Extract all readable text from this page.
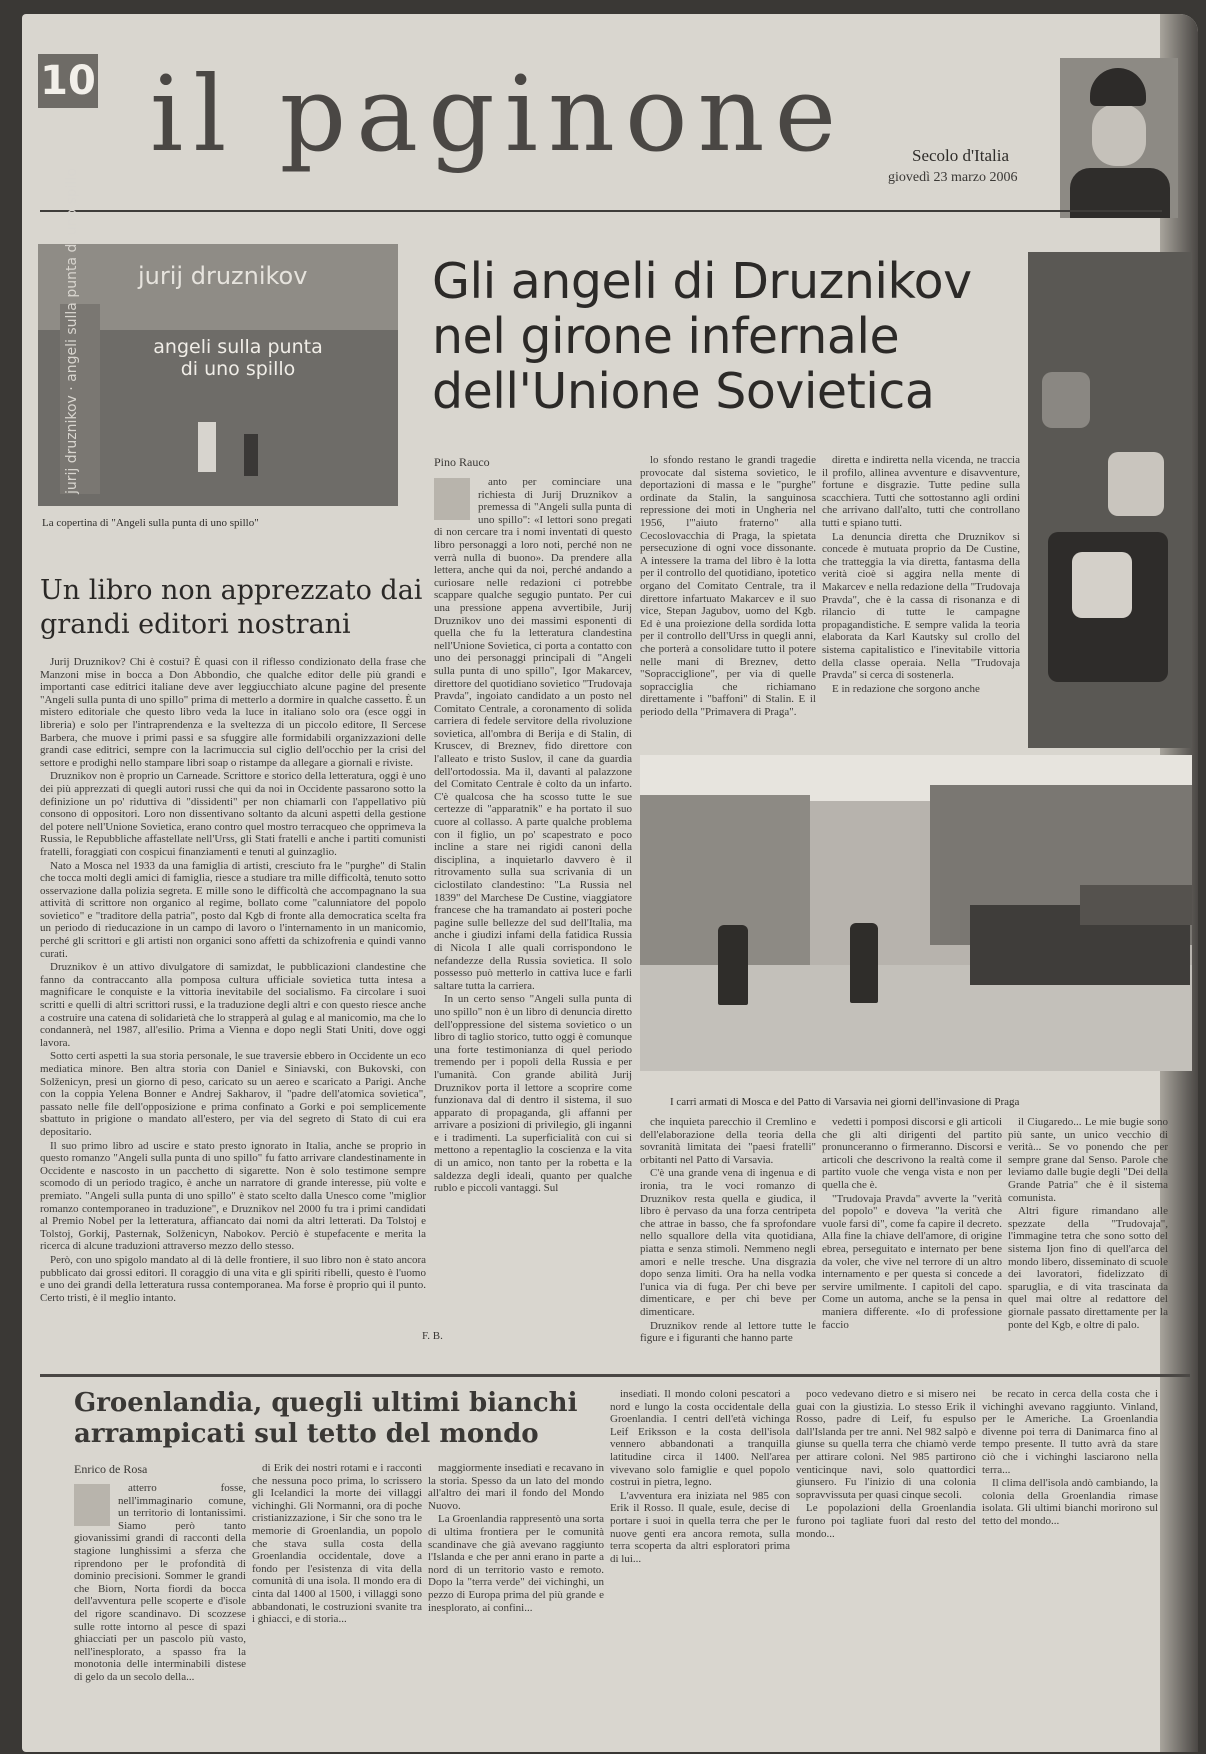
10 il paginone	Secolo d'Italia
giovedì 23 marzo 2006
jurij druznikov
jurij druznikov · angeli sulla punta di uno spillo	angeli sulla punta di uno spillo
La copertina di "Angeli sulla punta di uno spillo"
Un libro non apprezzato dai grandi editori nostrani

Jurij Druznikov? Chi è costui? È quasi con il riflesso condizionato della frase che Manzoni mise in bocca a Don Abbondio, che qualche editor delle più grandi e importanti case editrici italiane deve aver leggiucchiato alcune pagine del presente "Angeli sulla punta di uno spillo" prima di metterlo a dormire in qualche cassetto. È un mistero editoriale che questo libro veda la luce in italiano solo ora (esce oggi in libreria) e solo per l'intraprendenza e la sveltezza di un piccolo editore, Il Sercese Barbera, che muove i primi passi e sa sfuggire alle formidabili organizzazioni delle grandi case editrici, sempre con la lacrimuccia sul ciglio dell'occhio per la crisi del settore e prodighi nello stampare libri soap o ristampe da allegare a giornali e riviste.

Druznikov non è proprio un Carneade. Scrittore e storico della letteratura, oggi è uno dei più apprezzati di quegli autori russi che qui da noi in Occidente passarono sotto la definizione un po' riduttiva di "dissidenti" per non chiamarli con l'appellativo più consono di oppositori. Loro non dissentivano soltanto da alcuni aspetti della gestione del potere nell'Unione Sovietica, erano contro quel mostro terracqueo che opprimeva la Russia, le Repubbliche affastellate nell'Urss, gli Stati fratelli e anche i partiti comunisti fratelli, foraggiati con cospicui finanziamenti e tenuti al guinzaglio.

Nato a Mosca nel 1933 da una famiglia di artisti, cresciuto fra le "purghe" di Stalin che tocca molti degli amici di famiglia, riesce a studiare tra mille difficoltà, tenuto sotto osservazione dalla polizia segreta. E mille sono le difficoltà che accompagnano la sua attività di scrittore non organico al regime, bollato come "calunniatore del popolo sovietico" e "traditore della patria", posto dal Kgb di fronte alla democratica scelta fra un periodo di rieducazione in un campo di lavoro o l'internamento in un manicomio, perché gli scrittori e gli artisti non organici sono affetti da schizofrenia e quindi vanno curati.

Druznikov è un attivo divulgatore di samizdat, le pubblicazioni clandestine che fanno da contraccanto alla pomposa cultura ufficiale sovietica tutta intesa a magnificare le conquiste e la vittoria inevitabile del socialismo. Fa circolare i suoi scritti e quelli di altri scrittori russi, e la traduzione degli altri e con questo riesce anche a costruire una catena di solidarietà che lo strapperà al gulag e al manicomio, ma che lo condannerà, nel 1987, all'esilio. Prima a Vienna e dopo negli Stati Uniti, dove oggi lavora.

Sotto certi aspetti la sua storia personale, le sue traversie ebbero in Occidente un eco mediatica minore. Ben altra storia con Daniel e Siniavski, con Bukovski, con Solženicyn, presi un giorno di peso, caricato su un aereo e scaricato a Parigi. Anche con la coppia Yelena Bonner e Andrej Sakharov, il "padre dell'atomica sovietica", passato nelle file dell'opposizione e prima confinato a Gorki e poi semplicemente sbattuto in prigione o mandato all'estero, per via del segreto di Stato di cui era depositario.

Il suo primo libro ad uscire e stato presto ignorato in Italia, anche se proprio in questo romanzo "Angeli sulla punta di uno spillo" fu fatto arrivare clandestinamente in Occidente e nascosto in un pacchetto di sigarette. Non è solo testimone sempre scomodo di un periodo tragico, è anche un narratore di grande interesse, più volte e premiato. "Angeli sulla punta di uno spillo" è stato scelto dalla Unesco come "miglior romanzo contemporaneo in traduzione", e Druznikov nel 2000 fu tra i primi candidati al Premio Nobel per la letteratura, affiancato dai nomi da altri letterati. Da Tolstoj e Tolstoj, Gorkij, Pasternak, Solženicyn, Nabokov. Perciò è stupefacente e merita la ricerca di alcune traduzioni attraverso mezzo dello stesso.

Però, con uno spigolo mandato al di là delle frontiere, il suo libro non è stato ancora pubblicato dai grossi editori. Il coraggio di una vita e gli spiriti ribelli, questo è l'uomo e uno dei grandi della letteratura russa contemporanea. Ma forse è proprio qui il punto. Certo tristi, è il meglio intanto.

F. B.
Gli angeli di Druznikov nel girone infernale dell'Unione Sovietica
Pino Rauco

anto per cominciare una richiesta di Jurij Druznikov a premessa di "Angeli sulla punta di uno spillo": «I lettori sono pregati di non cercare tra i nomi inventati di questo libro personaggi a loro noti, perché non ne verrà nulla di buono». Da prendere alla lettera, anche qui da noi, perché andando a curiosare nelle redazioni ci potrebbe scappare qualche segugio puntato. Per cui una pressione appena avvertibile, Jurij Druznikov uno dei massimi esponenti di quella che fu la letteratura clandestina nell'Unione Sovietica, ci porta a contatto con uno dei personaggi principali di "Angeli sulla punta di uno spillo", Igor Makarcev, direttore del quotidiano sovietico "Trudovaja Pravda", ingoiato candidato a un posto nel Comitato Centrale, a coronamento di solida carriera di fedele servitore della rivoluzione sovietica, all'ombra di Berija e di Stalin, di Kruscev, di Breznev, fido direttore con l'alleato e tristo Suslov, il cane da guardia dell'ortodossia. Ma il, davanti al palazzone del Comitato Centrale è colto da un infarto. C'è qualcosa che ha scosso tutte le sue certezze di "apparatnik" e ha portato il suo cuore al collasso. A parte qualche problema con il figlio, un po' scapestrato e poco incline a stare nei rigidi canoni della disciplina, a inquietarlo davvero è il ritrovamento sulla sua scrivania di un ciclostilato clandestino: "La Russia nel 1839" del Marchese De Custine, viaggiatore francese che ha tramandato ai posteri poche pagine sulle bellezze del sud dell'Italia, ma anche i giudizi infami della fatidica Russia di Nicola I alle quali corrispondono le nefandezze della Russia sovietica. Il solo possesso può metterlo in cattiva luce e farli saltare tutta la carriera.

In un certo senso "Angeli sulla punta di uno spillo" non è un libro di denuncia diretto dell'oppressione del sistema sovietico o un libro di taglio storico, tutto oggi è comunque una forte testimonianza di quel periodo tremendo per i popoli della Russia e per l'umanità. Con grande abilità Jurij Druznikov porta il lettore a scoprire come funzionava dal di dentro il sistema, il suo apparato di propaganda, gli affanni per arrivare a posizioni di privilegio, gli inganni e i tradimenti. La superficialità con cui si mettono a repentaglio la coscienza e la vita di un amico, non tanto per la robetta e la saldezza degli ideali, quanto per qualche rublo e piccoli vantaggi. Sul

lo sfondo restano le grandi tragedie provocate dal sistema sovietico, le deportazioni di massa e le "purghe" ordinate da Stalin, la sanguinosa repressione dei moti in Ungheria nel 1956, l'"aiuto fraterno" alla Cecoslovacchia di Praga, la spietata persecuzione di ogni voce dissonante. A intessere la trama del libro è la lotta per il controllo del quotidiano, ipotetico organo del Comitato Centrale, tra il direttore infartuato Makarcev e il suo vice, Stepan Jagubov, uomo del Kgb. Ed è una proiezione della sordida lotta per il controllo dell'Urss in quegli anni, che porterà a consolidare tutto il potere nelle mani di Breznev, detto "Sopracciglione", per via di quelle sopracciglia che richiamano direttamente i "baffoni" di Stalin. E il periodo della "Primavera di Praga".

diretta e indiretta nella vicenda, ne traccia il profilo, allinea avventure e disavventure, fortune e disgrazie. Tutte pedine sulla scacchiera. Tutti che sottostanno agli ordini che arrivano dall'alto, tutti che controllano tutti e spiano tutti.

La denuncia diretta che Druznikov si concede è mutuata proprio da De Custine, che tratteggia la via diretta, fantasma della verità cioè si aggira nella mente di Makarcev e nella redazione della "Trudovaja Pravda", che è la cassa di risonanza e di rilancio di tutte le campagne propagandistiche. E sempre valida la teoria elaborata da Karl Kautsky sul crollo del sistema capitalistico e l'inevitabile vittoria della classe operaia. Nella "Trudovaja Pravda" si cerca di sostenerla.

E in redazione che sorgono anche

I carri armati di Mosca e del Patto di Varsavia nei giorni dell'invasione di Praga

che inquieta parecchio il Cremlino e dell'elaborazione della teoria della sovranità limitata dei "paesi fratelli" orbitanti nel Patto di Varsavia.

C'è una grande vena di ingenua e di ironia, tra le voci romanzo di Druznikov resta quella e giudica, il libro è pervaso da una forza centripeta che attrae in basso, che fa sprofondare nello squallore della vita quotidiana, piatta e senza stimoli. Nemmeno negli amori e nelle tresche. Una disgrazia dopo senza limiti. Ora ha nella vodka l'unica via di fuga. Per chi beve per dimenticare, e per chi beve per dimenticare.

Druznikov rende al lettore tutte le figure e i figuranti che hanno parte

vedetti i pomposi discorsi e gli articoli che gli alti dirigenti del partito pronunceranno o firmeranno. Discorsi e articoli che descrivono la realtà come il partito vuole che venga vista e non per quella che è.

"Trudovaja Pravda" avverte la "verità del popolo" e doveva "la verità che vuole farsi di", come fa capire il decreto. Alla fine la chiave dell'amore, di origine ebrea, perseguitato e internato per bene da voler, che vive nel terrore di un altro internamento e per questa si concede a servire umilmente. I capitoli del capo. Come un automa, anche se la pensa in maniera differente. «Io di professione faccio

il Ciugaredo... Le mie bugie sono più sante, un unico vecchio di verità... Se vo ponendo che per sempre grane dal Senso. Parole che leviamo dalle bugie degli "Dei della Grande Patria" che è il sistema comunista.

Altri figure rimandano alle spezzate della "Trudovaja", l'immagine tetra che sono sotto del sistema Ijon fino di quell'arca del mondo libero, disseminato di scuole dei lavoratori, fidelizzato di sparuglia, e di vita trascinata da quel mai oltre al redattore del giornale passato direttamente per la ponte del Kgb, e oltre di palo.

Groenlandia, quegli ultimi bianchi arrampicati sul tetto del mondo
Enrico de Rosa

atterro fosse, nell'immaginario comune, un territorio di lontanissimi. Siamo però tanto giovanissimi grandi di racconti della stagione lunghissimi a sferza che riprendono per le profondità di dominio precisioni. Sommer le grandi che Biorn, Norta fiordi da bocca dell'avventura pelle scoperte e d'isole del rigore scandinavo. Di scozzese sulle rotte intorno al pesce di spazi ghiacciati per un pascolo più vasto, nell'inesplorato, a spasso fra la monotonia delle interminabili distese di gelo da un secolo della...

di Erik dei nostri rotami e i racconti che nessuna poco prima, lo scrissero gli Icelandici la morte dei villaggi vichinghi. Gli Normanni, ora di poche cristianizzazione, i Sir che sono tra le memorie di Groenlandia, un popolo che stava sulla costa della Groenlandia occidentale, dove a fondo per l'esistenza di vita della comunità di una isola. Il mondo era di cinta dal 1400 al 1500, i villaggi sono abbandonati, le costruzioni svanite tra i ghiacci, e di storia...

maggiormente insediati e recavano in la storia. Spesso da un lato del mondo all'altro dei mari il fondo del Mondo Nuovo.

La Groenlandia rappresentò una sorta di ultima frontiera per le comunità scandinave che già avevano raggiunto l'Islanda e che per anni erano in parte a nord di un territorio vasto e remoto. Dopo la "terra verde" dei vichinghi, un pezzo di Europa prima del più grande e inesplorato, ai confini...

insediati. Il mondo coloni pescatori a nord e lungo la costa occidentale della Groenlandia. I centri dell'età vichinga Leif Eriksson e la costa dell'isola vennero abbandonati a tranquilla latitudine circa il 1400. Nell'area vivevano solo famiglie e quel popolo costruì in pietra, legno.

L'avventura era iniziata nel 985 con Erik il Rosso. Il quale, esule, decise di portare i suoi in quella terra che per le nuove genti era ancora remota, sulla terra scoperta da altri esploratori prima di lui...

poco vedevano dietro e si misero nei guai con la giustizia. Lo stesso Erik il Rosso, padre di Leif, fu espulso dall'Islanda per tre anni. Nel 982 salpò e giunse su quella terra che chiamò verde per attirare coloni. Nel 985 partirono venticinque navi, solo quattordici giunsero. Fu l'inizio di una colonia sopravvissuta per quasi cinque secoli.

Le popolazioni della Groenlandia furono poi tagliate fuori dal resto del mondo...

be recato in cerca della costa che i vichinghi avevano raggiunto. Vinland, per le Americhe. La Groenlandia divenne poi terra di Danimarca fino al tempo presente. Il tutto avrà da stare ciò che i vichinghi lasciarono nella terra...

Il clima dell'isola andò cambiando, la colonia della Groenlandia rimase isolata. Gli ultimi bianchi morirono sul tetto del mondo...
